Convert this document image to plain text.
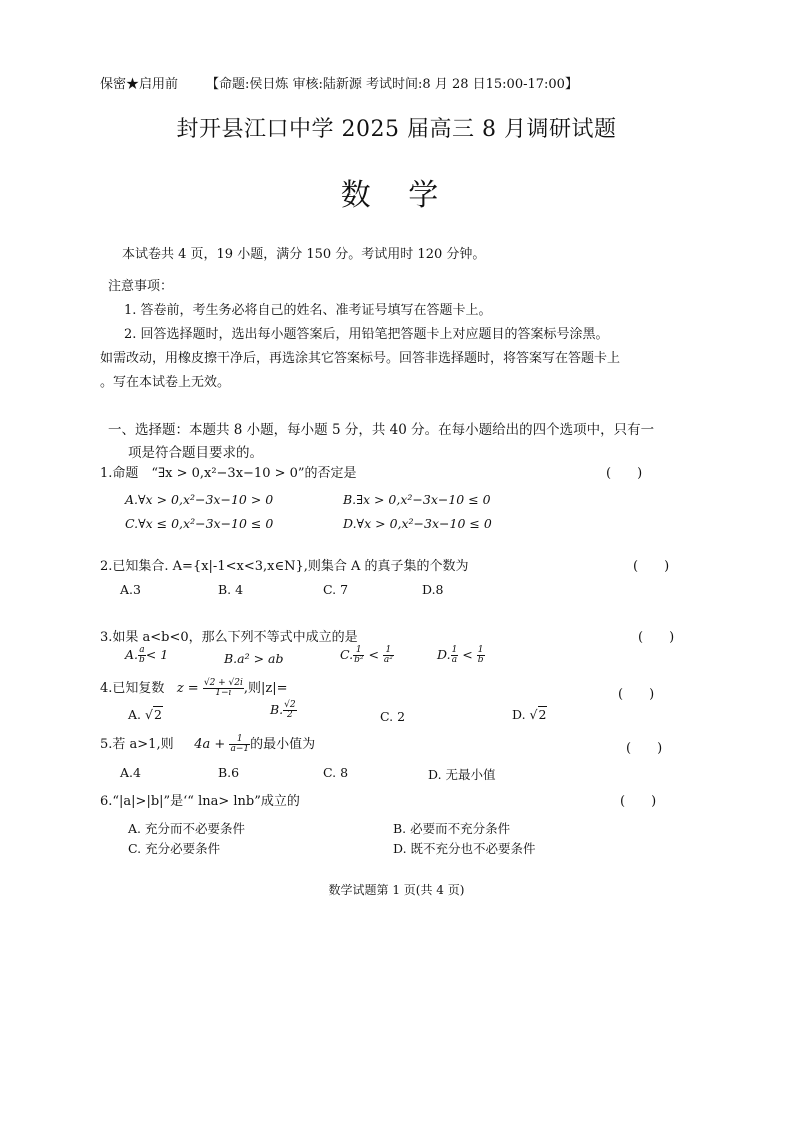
保密★启用前 【命题:侯日炼 审核:陆新源 考试时间:8 月 28 日15:00-17:00】
封开县江口中学 2025 届高三 8 月调研试题
数 学
本试卷共 4 页，19 小题，满分 150 分。考试用时 120 分钟。
注意事项：
1. 答卷前，考生务必将自己的姓名、准考证号填写在答题卡上。
2. 回答选择题时，选出每小题答案后，用铅笔把答题卡上对应题目的答案标号涂黑。
如需改动，用橡皮擦干净后，再选涂其它答案标号。回答非选择题时，将答案写在答题卡上
。写在本试卷上无效。
一、选择题：本题共 8 小题，每小题 5 分，共 40 分。在每小题给出的四个选项中，只有一
项是符合题目要求的。
1.命题　“∃x > 0,x²−3x−10 > 0”的否定是	(　　)
A.∀x > 0,x²−3x−10 > 0	B.∃x > 0,x²−3x−10 ≤ 0
C.∀x ≤ 0,x²−3x−10 ≤ 0	D.∀x > 0,x²−3x−10 ≤ 0
2.已知集合. A={x|-1<x<3,x∈N},则集合 A 的真子集的个数为	(　　)
A.3	B. 4	C. 7	D.8
3.如果 a<b<0，那么下列不等式中成立的是	(　　)
A. $\frac{a}{b} < 1$	B.a² > ab	C. $\frac{1}{\text{b²}} < \frac{1}{\text{a²}}$	D. $\frac{1}{a} < \frac{1}{b}$
4.已知复数 $z = \frac{√2 + √2i}{1-i}$ ,则|z|=	(　　)
A. √2	B. $\frac{√2}{2}$	C. 2	D. √2
5.若 a>1,则 $4a + \frac{1}{a-1}$ 的最小值为	(　　)
A.4	B.6	C. 8	D. 无最小值
6.“|a|>|b|”是‘“ lna> lnb”成立的	(　　)
A. 充分而不必要条件	B. 必要而不充分条件
C. 充分必要条件	D. 既不充分也不必要条件
数学试题第 1 页(共 4 页)
